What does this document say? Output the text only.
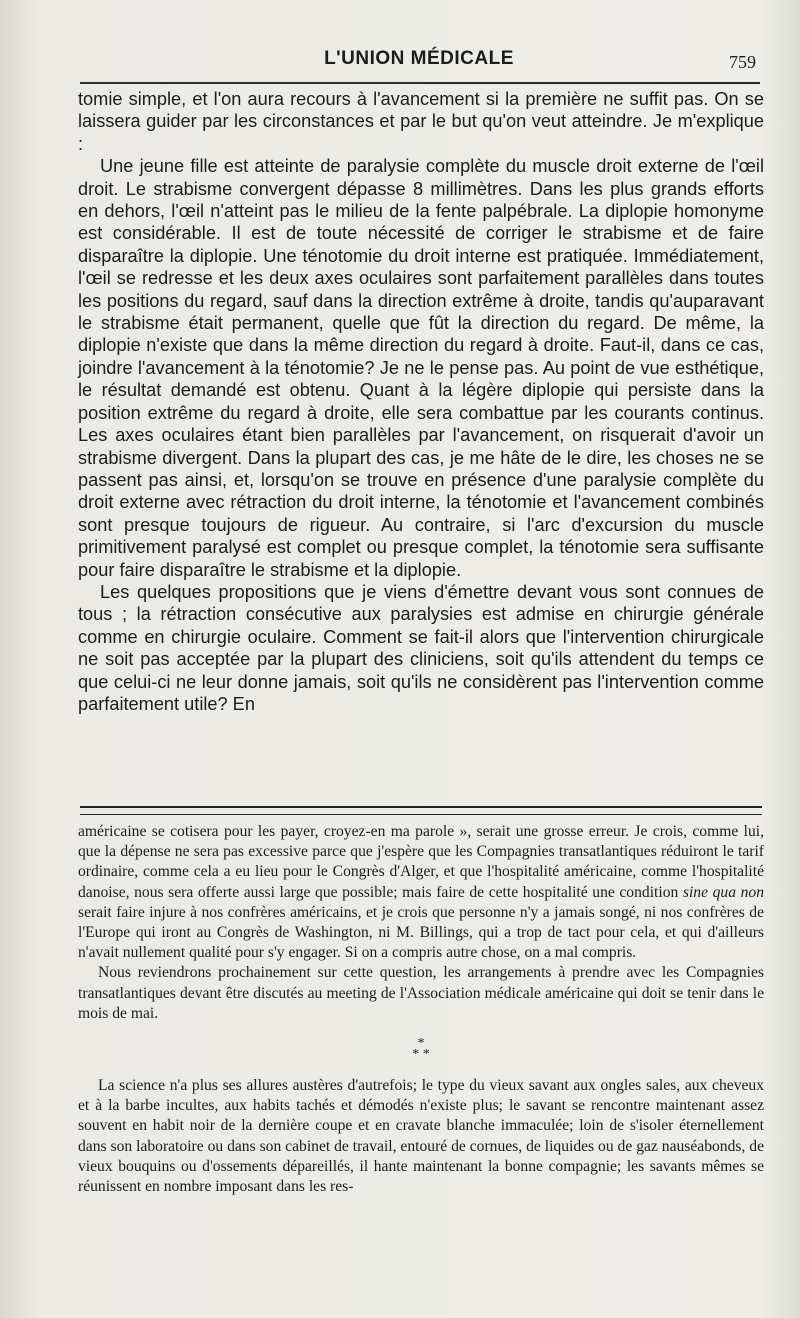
L'UNION MÉDICALE	759

tomie simple, et l'on aura recours à l'avancement si la première ne suffit pas. On se laissera guider par les circonstances et par le but qu'on veut atteindre. Je m'explique :

Une jeune fille est atteinte de paralysie complète du muscle droit externe de l'œil droit. Le strabisme convergent dépasse 8 millimètres. Dans les plus grands efforts en dehors, l'œil n'atteint pas le milieu de la fente palpébrale. La diplopie homonyme est considérable. Il est de toute nécessité de corriger le strabisme et de faire disparaître la diplopie. Une ténotomie du droit interne est pratiquée. Immédiatement, l'œil se redresse et les deux axes oculaires sont parfaitement parallèles dans toutes les positions du regard, sauf dans la direction extrême à droite, tandis qu'auparavant le strabisme était permanent, quelle que fût la direction du regard. De même, la diplopie n'existe que dans la même direction du regard à droite. Faut-il, dans ce cas, joindre l'avancement à la ténotomie? Je ne le pense pas. Au point de vue esthétique, le résultat demandé est obtenu. Quant à la légère diplopie qui persiste dans la position extrême du regard à droite, elle sera combattue par les courants continus. Les axes oculaires étant bien parallèles par l'avancement, on risquerait d'avoir un strabisme divergent. Dans la plupart des cas, je me hâte de le dire, les choses ne se passent pas ainsi, et, lorsqu'on se trouve en présence d'une paralysie complète du droit externe avec rétraction du droit interne, la ténotomie et l'avancement combinés sont presque toujours de rigueur. Au contraire, si l'arc d'excursion du muscle primitivement paralysé est complet ou presque complet, la ténotomie sera suffisante pour faire disparaître le strabisme et la diplopie.

Les quelques propositions que je viens d'émettre devant vous sont connues de tous ; la rétraction consécutive aux paralysies est admise en chirurgie générale comme en chirurgie oculaire. Comment se fait-il alors que l'intervention chirurgicale ne soit pas acceptée par la plupart des cliniciens, soit qu'ils attendent du temps ce que celui-ci ne leur donne jamais, soit qu'ils ne considèrent pas l'intervention comme parfaitement utile? En

américaine se cotisera pour les payer, croyez-en ma parole », serait une grosse erreur. Je crois, comme lui, que la dépense ne sera pas excessive parce que j'espère que les Compagnies transatlantiques réduiront le tarif ordinaire, comme cela a eu lieu pour le Congrès d'Alger, et que l'hospitalité américaine, comme l'hospitalité danoise, nous sera offerte aussi large que possible; mais faire de cette hospitalité une condition sine qua non serait faire injure à nos confrères américains, et je crois que personne n'y a jamais songé, ni nos confrères de l'Europe qui iront au Congrès de Washington, ni M. Billings, qui a trop de tact pour cela, et qui d'ailleurs n'avait nullement qualité pour s'y engager. Si on a compris autre chose, on a mal compris.

Nous reviendrons prochainement sur cette question, les arrangements à prendre avec les Compagnies transatlantiques devant être discutés au meeting de l'Association médicale américaine qui doit se tenir dans le mois de mai.

*
* *

La science n'a plus ses allures austères d'autrefois; le type du vieux savant aux ongles sales, aux cheveux et à la barbe incultes, aux habits tachés et démodés n'existe plus; le savant se rencontre maintenant assez souvent en habit noir de la dernière coupe et en cravate blanche immaculée; loin de s'isoler éternellement dans son laboratoire ou dans son cabinet de travail, entouré de cornues, de liquides ou de gaz nauséabonds, de vieux bouquins ou d'ossements dépareillés, il hante maintenant la bonne compagnie; les savants mêmes se réunissent en nombre imposant dans les res-
